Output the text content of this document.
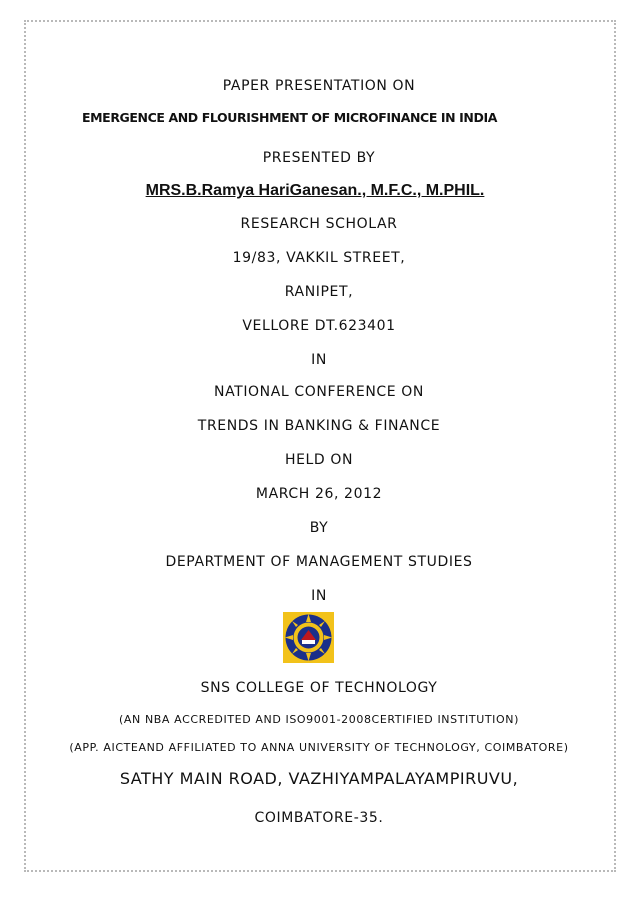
PAPER PRESENTATION ON
EMERGENCE AND FLOURISHMENT OF MICROFINANCE IN INDIA
PRESENTED BY
MRS.B.Ramya HariGanesan., M.F.C., M.PHIL.
RESEARCH SCHOLAR
19/83, VAKKIL STREET,
RANIPET,
VELLORE DT.623401
IN
NATIONAL CONFERENCE ON
TRENDS IN BANKING & FINANCE
HELD ON
MARCH 26, 2012
BY
DEPARTMENT OF MANAGEMENT STUDIES
IN
SNS COLLEGE OF TECHNOLOGY
(AN NBA ACCREDITED AND ISO9001-2008CERTIFIED INSTITUTION)
(APP. AICTEAND AFFILIATED TO ANNA UNIVERSITY OF TECHNOLOGY, COIMBATORE)
SATHY MAIN ROAD, VAZHIYAMPALAYAMPIRUVU,
COIMBATORE-35.
